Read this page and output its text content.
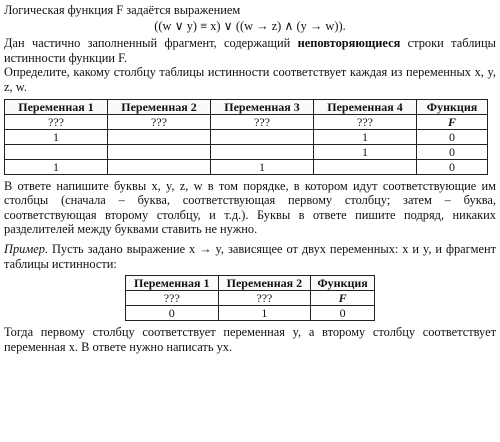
Логическая функция F задаётся выражением

((w ∨ y) ≡ x) ∨ ((w → z) ∧ (y → w)).

Дан частично заполненный фрагмент, содержащий неповторяющиеся строки таблицы истинности функции F.

Определите, какому столбцу таблицы истинности соответствует каждая из переменных x, y, z, w.

Переменная 1	Переменная 2	Переменная 3	Переменная 4	Функция
???	???	???	???	F
1			1	0
			1	0
1		1		0

В ответе напишите буквы x, y, z, w в том порядке, в котором идут соответствующие им столбцы (сначала – буква, соответствующая первому столбцу; затем – буква, соответствующая второму столбцу, и т.д.). Буквы в ответе пишите подряд, никаких разделителей между буквами ставить не нужно.

Пример. Пусть задано выражение x → y, зависящее от двух переменных: x и y, и фрагмент таблицы истинности:

Переменная 1	Переменная 2	Функция
???	???	F
0	1	0

Тогда первому столбцу соответствует переменная y, а второму столбцу соответствует переменная x. В ответе нужно написать yx.
